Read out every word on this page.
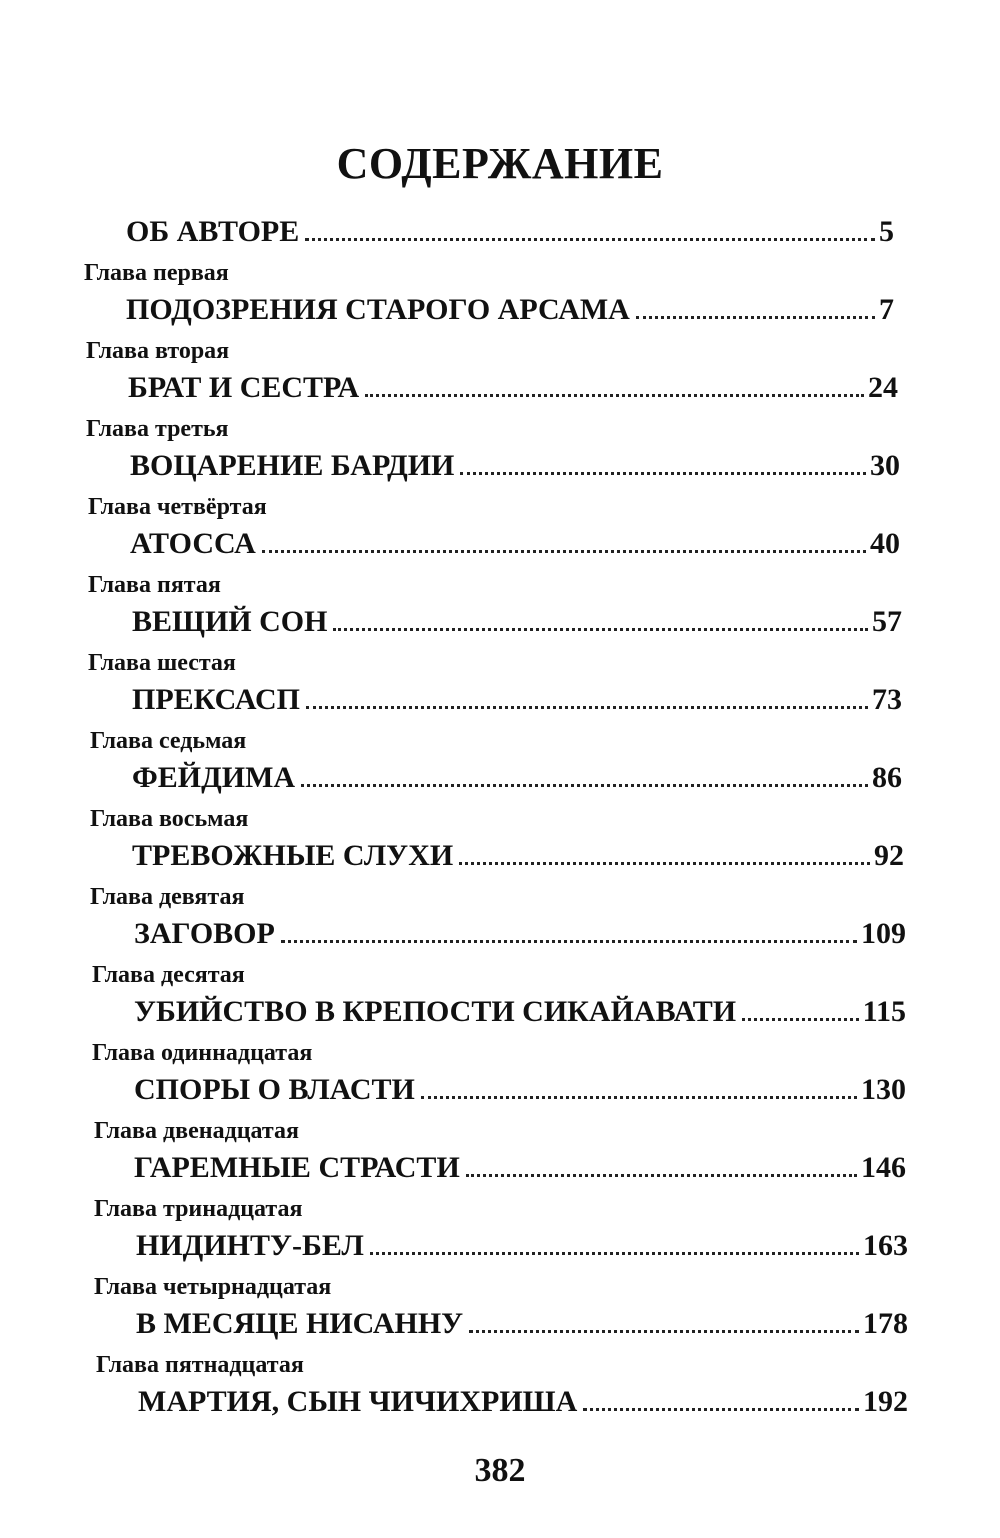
СОДЕРЖАНИЕ
ОБ АВТОРЕ	5
Глава первая
ПОДОЗРЕНИЯ СТАРОГО АРСАМА	7
Глава вторая
БРАТ И СЕСТРА	24
Глава третья
ВОЦАРЕНИЕ БАРДИИ	30
Глава четвёртая
АТОССА	40
Глава пятая
ВЕЩИЙ СОН	57
Глава шестая
ПРЕКСАСП	73
Глава седьмая
ФЕЙДИМА	86
Глава восьмая
ТРЕВОЖНЫЕ СЛУХИ	92
Глава девятая
ЗАГОВОР	109
Глава десятая
УБИЙСТВО В КРЕПОСТИ СИКАЙАВАТИ	115
Глава одиннадцатая
СПОРЫ О ВЛАСТИ	130
Глава двенадцатая
ГАРЕМНЫЕ СТРАСТИ	146
Глава тринадцатая
НИДИНТУ-БЕЛ	163
Глава четырнадцатая
В МЕСЯЦЕ НИСАННУ	178
Глава пятнадцатая
МАРТИЯ, СЫН ЧИЧИХРИША	192
382
